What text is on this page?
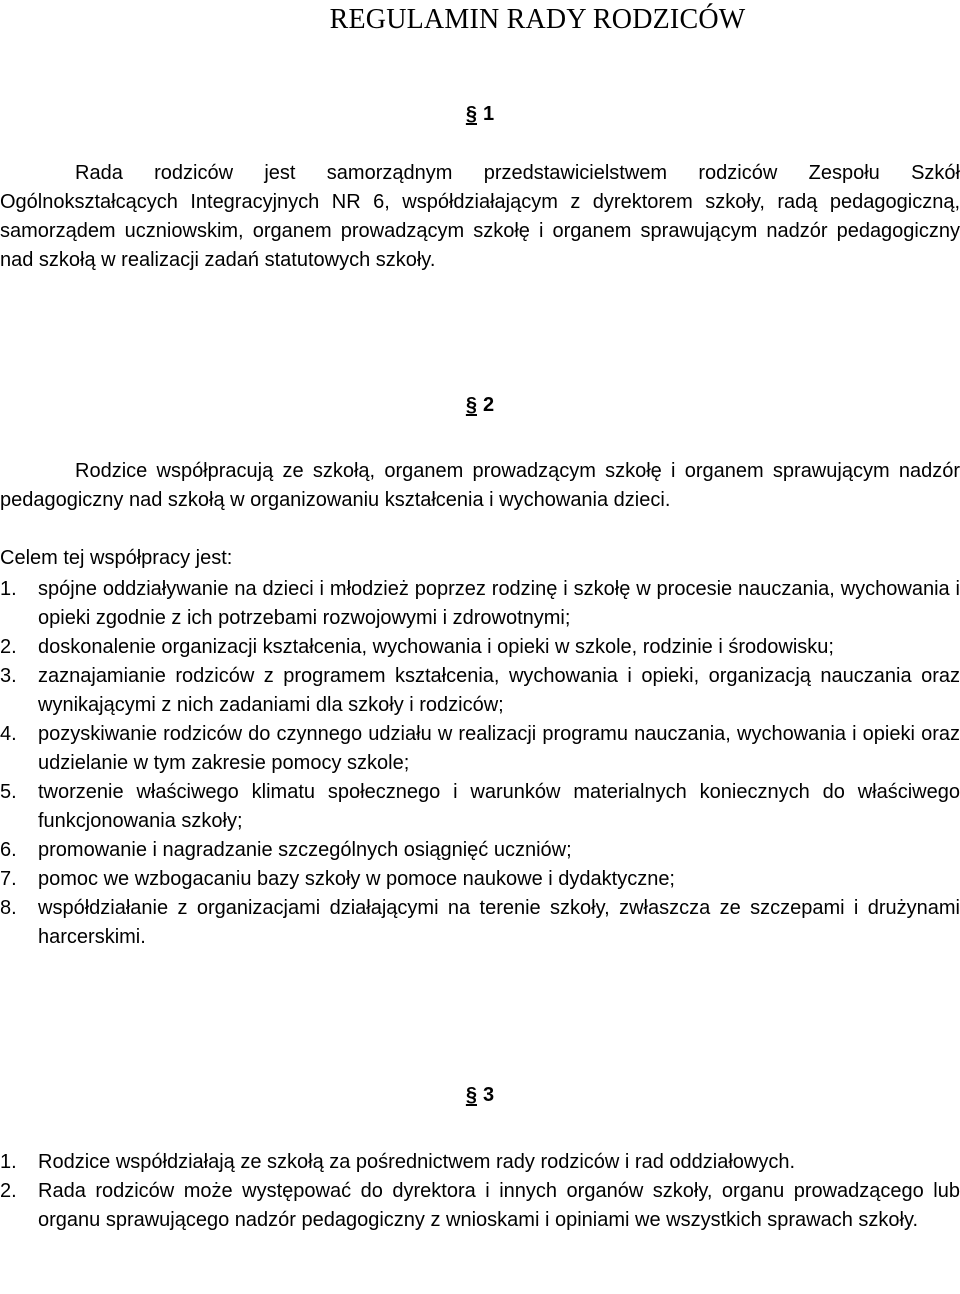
REGULAMIN RADY RODZICÓW
§ 1

Rada rodziców jest samorządnym przedstawicielstwem rodziców Zespołu Szkół Ogólnokształcących Integracyjnych NR 6, współdziałającym z dyrektorem szkoły, radą pedagogiczną, samorządem uczniowskim, organem prowadzącym szkołę i organem sprawującym nadzór pedagogiczny nad szkołą w realizacji zadań statutowych szkoły.

§ 2

Rodzice współpracują ze szkołą, organem prowadzącym szkołę i organem sprawującym nadzór pedagogiczny nad szkołą w organizowaniu kształcenia i wychowania dzieci.

Celem tej współpracy jest:

1. spójne oddziaływanie na dzieci i młodzież poprzez rodzinę i szkołę w procesie nauczania, wychowania i opieki zgodnie z ich potrzebami rozwojowymi i zdrowotnymi;
2. doskonalenie organizacji kształcenia, wychowania i opieki w szkole, rodzinie i środowisku;
3. zaznajamianie rodziców z programem kształcenia, wychowania i opieki, organizacją nauczania oraz wynikającymi z nich zadaniami dla szkoły i rodziców;
4. pozyskiwanie rodziców do czynnego udziału w realizacji programu nauczania, wychowania i opieki oraz udzielanie w tym zakresie pomocy szkole;
5. tworzenie właściwego klimatu społecznego i warunków materialnych koniecznych do właściwego funkcjonowania szkoły;
6. promowanie i nagradzanie szczególnych osiągnięć uczniów;
7. pomoc we wzbogacaniu bazy szkoły w pomoce naukowe i dydaktyczne;
8. współdziałanie z organizacjami działającymi na terenie szkoły, zwłaszcza ze szczepami i drużynami harcerskimi.
§ 3
1. Rodzice współdziałają ze szkołą za pośrednictwem rady rodziców i rad oddziałowych.
2. Rada rodziców może występować do dyrektora i innych organów szkoły, organu prowadzącego lub organu sprawującego nadzór pedagogiczny z wnioskami i opiniami we wszystkich sprawach szkoły.
